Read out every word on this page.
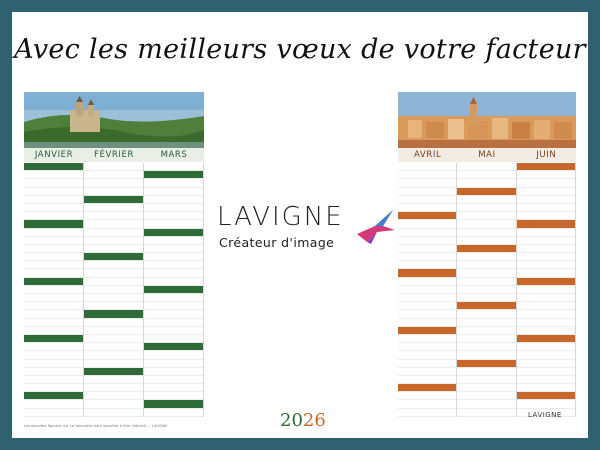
Avec les meilleurs vœux de votre facteur
JANVIER	FÉVRIER	MARS	AVRIL	MAI	JUIN
LAVIGNE
Créateur d'image
2026	LAVIGNE
Les données figurant sur ce calendrier sont données à titre indicatif — LAVIGNE
